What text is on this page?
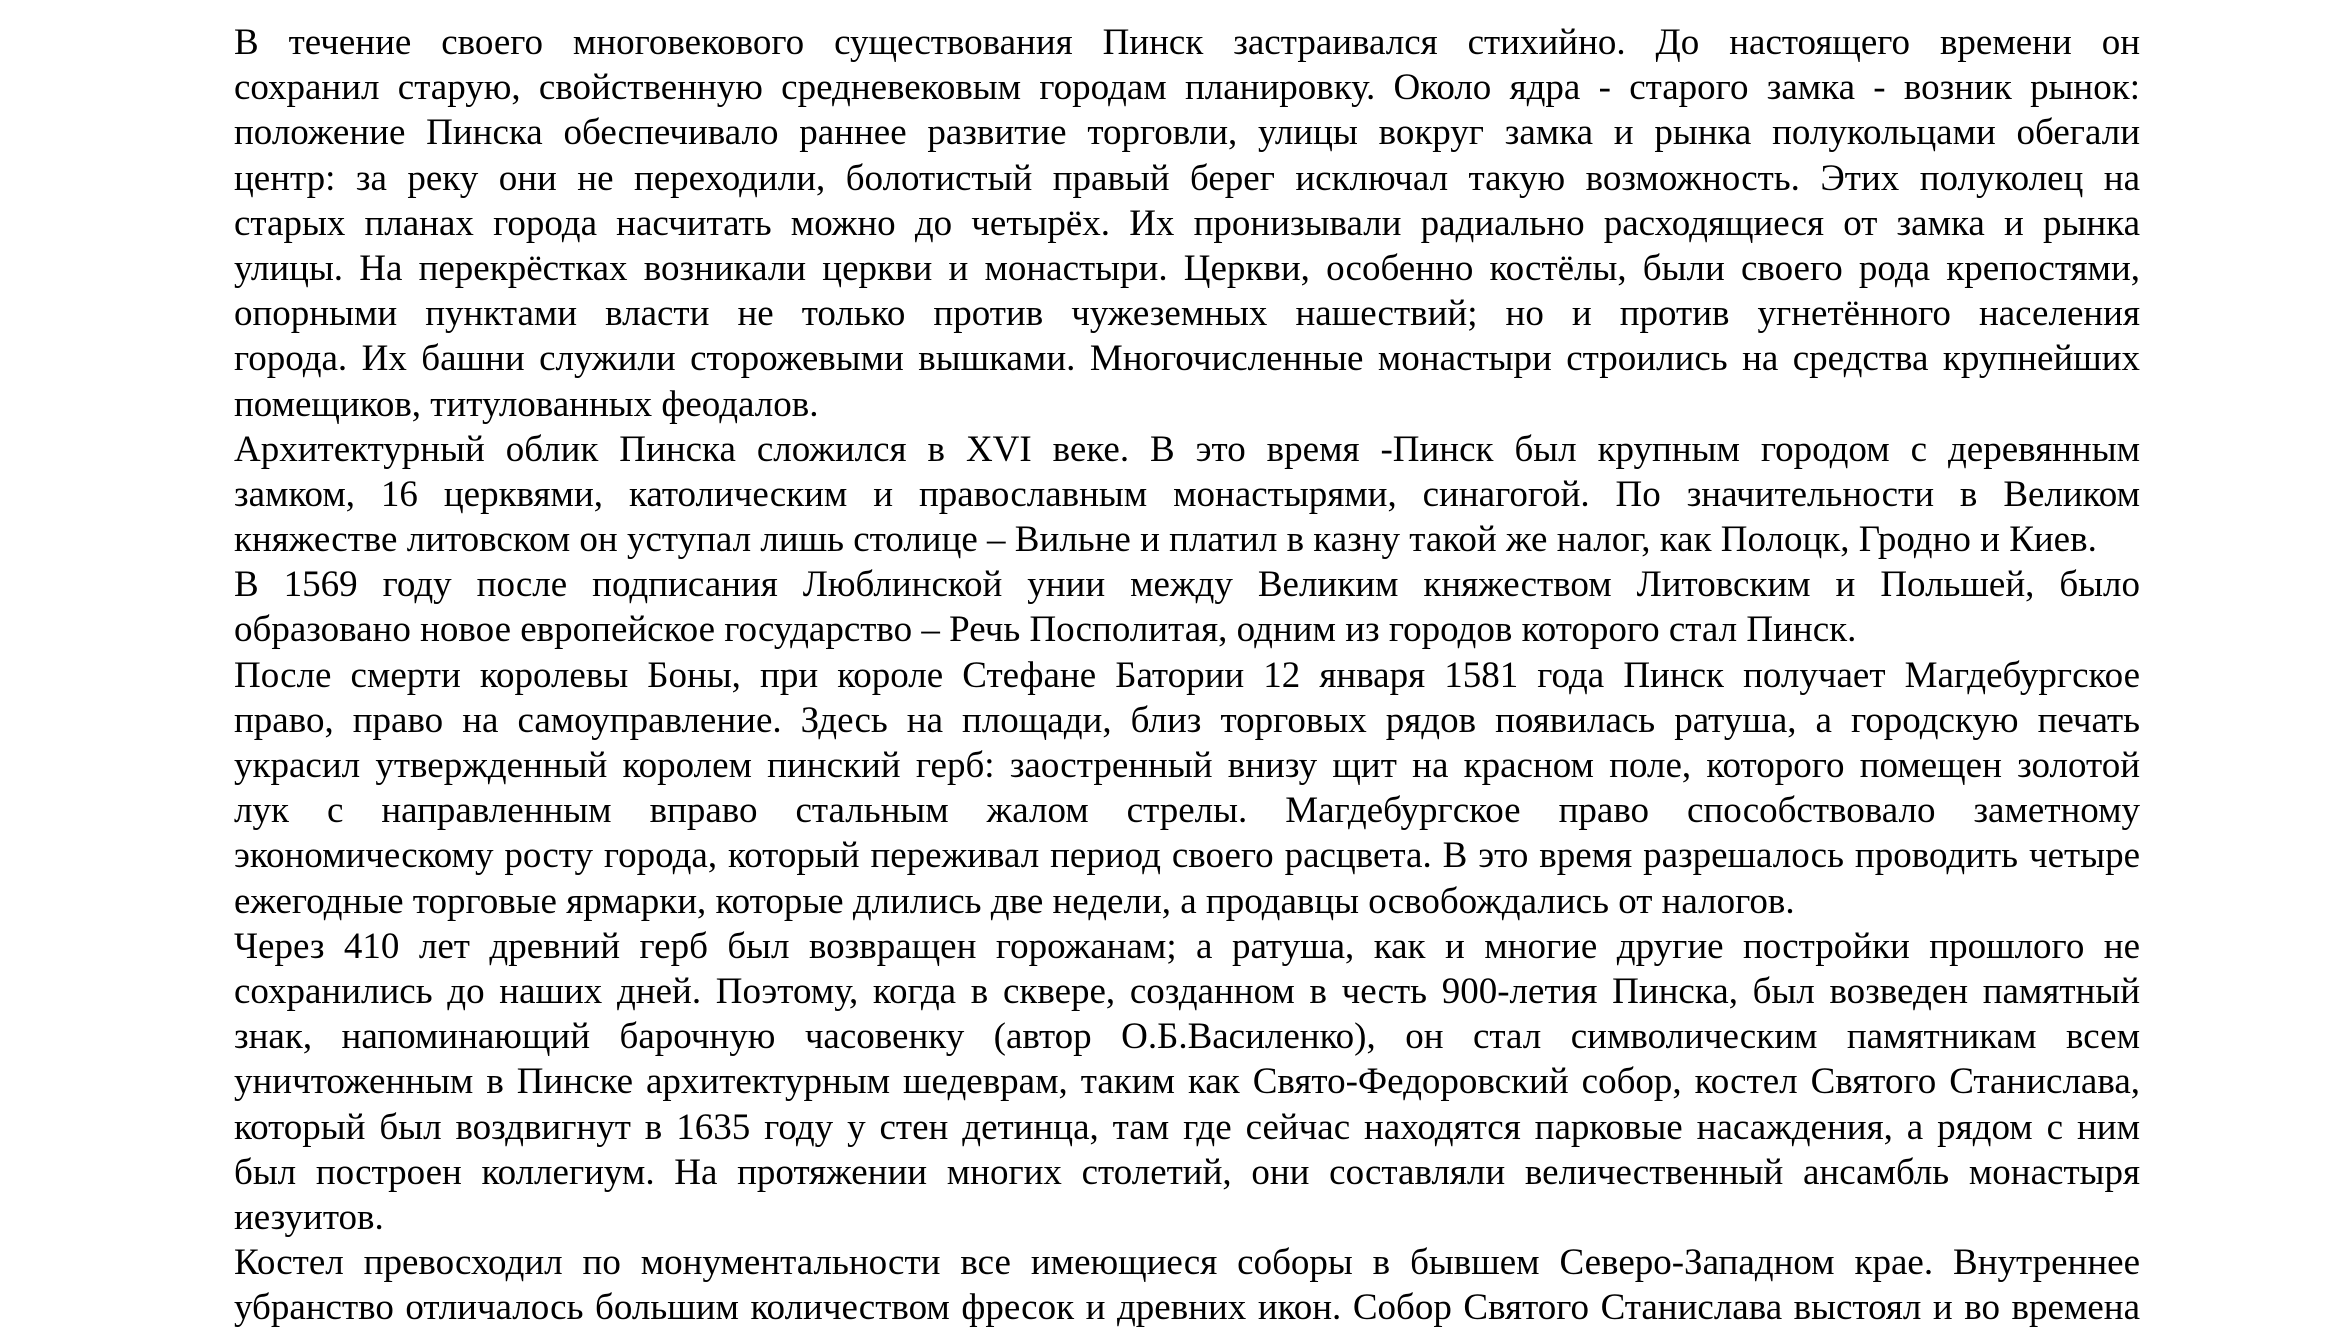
В течение своего многовекового существования Пинск застраивался стихийно. До настоящего времени он
сохранил старую, свойственную средневековым городам планировку. Около ядра - старого замка - возник рынок:
положение Пинска обеспечивало раннее развитие торговли, улицы вокруг замка и рынка полукольцами обегали
центр: за реку они не переходили, болотистый правый берег исключал такую возможность. Этих полуколец на
старых планах города насчитать можно до четырёх. Их пронизывали радиально расходящиеся от замка и рынка
улицы. На перекрёстках возникали церкви и монастыри. Церкви, особенно костёлы, были своего рода крепостями,
опорными пунктами власти не только против чужеземных нашествий; но и против угнетённого населения
города. Их башни служили сторожевыми вышками. Многочисленные монастыри строились на средства крупнейших
помещиков, титулованных феодалов.

Архитектурный облик Пинска сложился в XVI веке. В это время -Пинск был крупным городом с деревянным
замком, 16 церквями, католическим и православным монастырями, синагогой. По значительности в Великом
княжестве литовском он уступал лишь столице – Вильне и платил в казну такой же налог, как Полоцк, Гродно и Киев.

В 1569 году после подписания Люблинской унии между Великим княжеством Литовским и Польшей, было
образовано новое европейское государство – Речь Посполитая, одним из городов которого стал Пинск.

После смерти королевы Боны, при короле Стефане Батории 12 января 1581 года Пинск получает Магдебургское
право, право на самоуправление. Здесь на площади, близ торговых рядов появилась ратуша, а городскую печать
украсил утвержденный королем пинский герб: заостренный внизу щит на красном поле, которого помещен золотой
лук с направленным вправо стальным жалом стрелы. Магдебургское право способствовало заметному
экономическому росту города, который переживал период своего расцвета. В это время разрешалось проводить четыре
ежегодные торговые ярмарки, которые длились две недели, а продавцы освобождались от налогов.

Через 410 лет древний герб был возвращен горожанам; а ратуша, как и многие другие постройки прошлого не
сохранились до наших дней. Поэтому, когда в сквере, созданном в честь 900-летия Пинска, был возведен памятный
знак, напоминающий барочную часовенку (автор О.Б.Василенко), он стал символическим памятникам всем
уничтоженным в Пинске архитектурным шедеврам, таким как Свято-Федоровский собор, костел Святого Станислава,
который был воздвигнут в 1635 году у стен детинца, там где сейчас находятся парковые насаждения, а рядом с ним
был построен коллегиум. На протяжении многих столетий, они составляли величественный ансамбль монастыря
иезуитов.

Костел превосходил по монументальности все имеющиеся соборы в бывшем Северо-Западном крае. Внутреннее
убранство отличалось большим количеством фресок и древних икон. Собор Святого Станислава выстоял и во времена
